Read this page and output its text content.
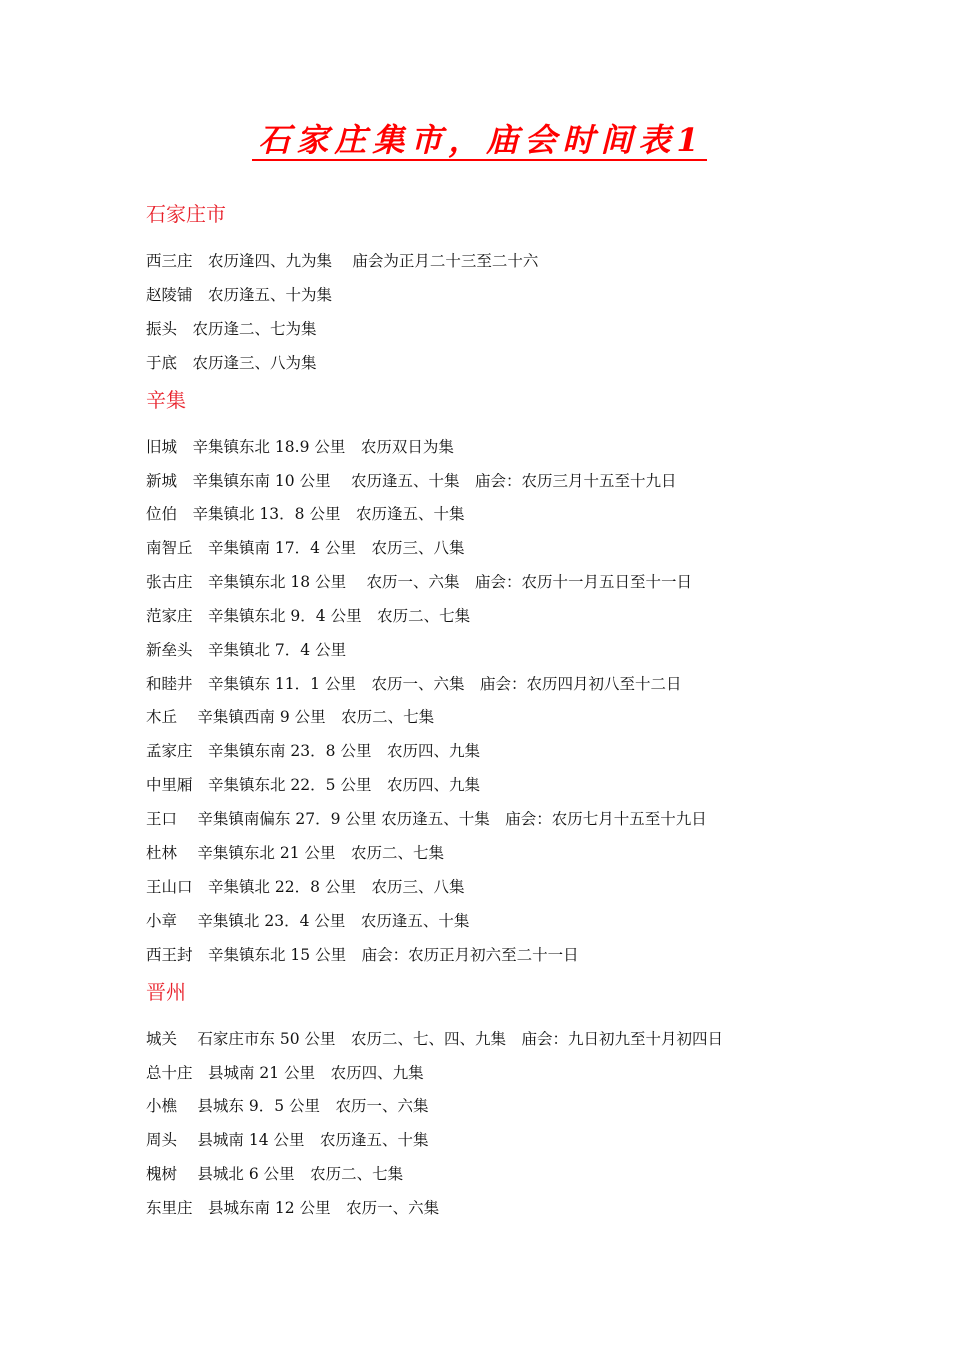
石家庄集市，庙会时间表1
石家庄市
西三庄　农历逢四、九为集　 庙会为正月二十三至二十六
赵陵铺　农历逢五、十为集
振头　农历逢二、七为集
于底　农历逢三、八为集
辛集
旧城　辛集镇东北 18.9 公里　农历双日为集
新城　辛集镇东南 10 公里　 农历逢五、十集　庙会：农历三月十五至十九日
位伯　辛集镇北 13．8 公里　农历逢五、十集
南智丘　辛集镇南 17．4 公里　农历三、八集
张古庄　辛集镇东北 18 公里　 农历一、六集　庙会：农历十一月五日至十一日
范家庄　辛集镇东北 9．4 公里　农历二、七集
新垒头　辛集镇北 7．4 公里
和睦井　辛集镇东 11．1 公里　农历一、六集　庙会：农历四月初八至十二日
木丘　 辛集镇西南 9 公里　农历二、七集
孟家庄　辛集镇东南 23．8 公里　农历四、九集
中里厢　辛集镇东北 22．5 公里　农历四、九集
王口　 辛集镇南偏东 27．9 公里 农历逢五、十集　庙会：农历七月十五至十九日
杜林　 辛集镇东北 21 公里　农历二、七集
王山口　辛集镇北 22．8 公里　农历三、八集
小章　 辛集镇北 23．4 公里　农历逢五、十集
西王封　辛集镇东北 15 公里　庙会：农历正月初六至二十一日
晋州
城关　 石家庄市东 50 公里　农历二、七、四、九集　庙会：九日初九至十月初四日
总十庄　县城南 21 公里　农历四、九集
小樵　 县城东 9．5 公里　农历一、六集
周头　 县城南 14 公里　农历逢五、十集
槐树　 县城北 6 公里　农历二、七集
东里庄　县城东南 12 公里　农历一、六集
